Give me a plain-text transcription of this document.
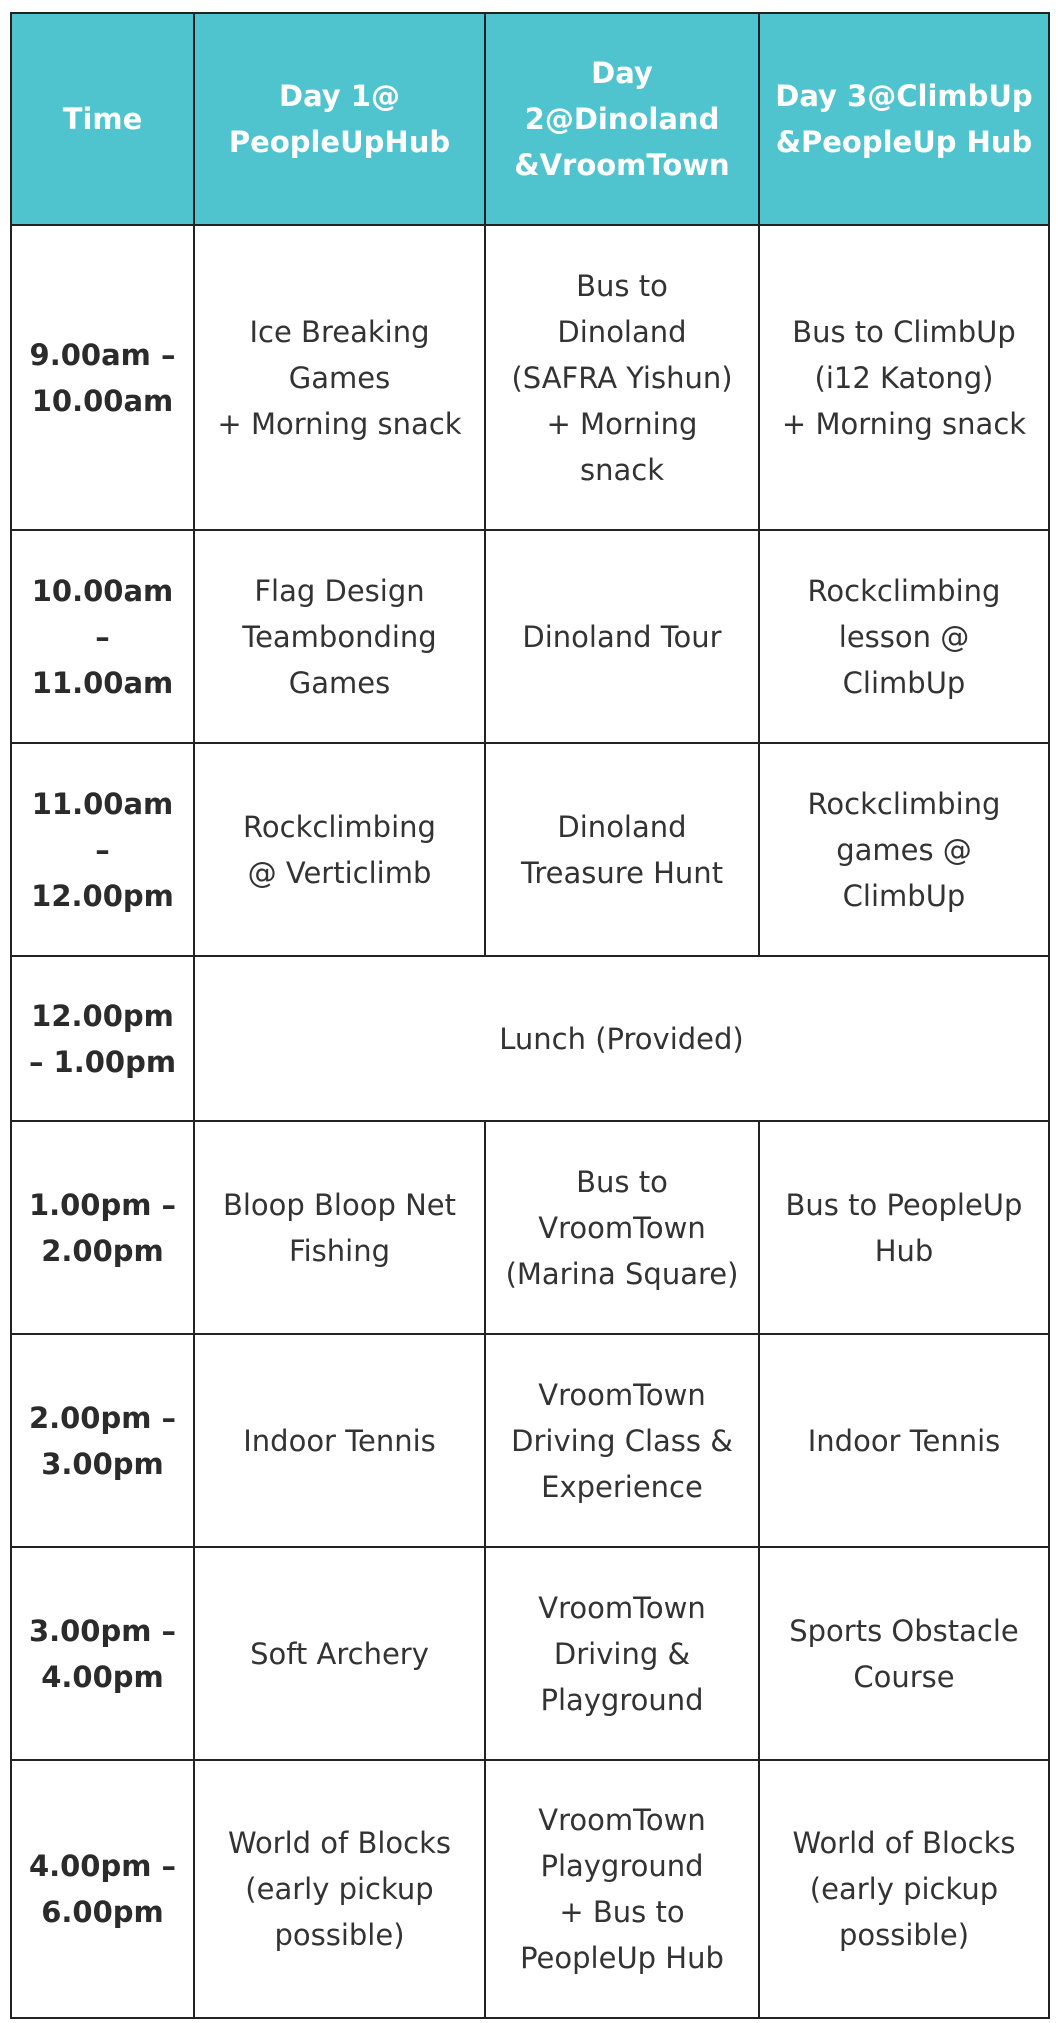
Time	Day 1@ PeopleUpHub	Day 2@Dinoland &VroomTown	Day 3@ClimbUp &PeopleUp Hub

9.00am –
10.00am	Ice Breaking
Games
+ Morning snack	Bus to
Dinoland
(SAFRA Yishun)
+ Morning
snack	Bus to ClimbUp
(i12 Katong)
+ Morning snack

10.00am
– 11.00am	Flag Design
Teambonding
Games	Dinoland Tour	Rockclimbing
lesson @
ClimbUp

11.00am –
12.00pm	Rockclimbing
@ Verticlimb	Dinoland
Treasure Hunt	Rockclimbing
games @
ClimbUp

12.00pm
– 1.00pm	Lunch (Provided)		

1.00pm –
2.00pm	Bloop Bloop Net
Fishing	Bus to
VroomTown
(Marina Square)	Bus to PeopleUp
Hub

2.00pm –
3.00pm	Indoor Tennis	VroomTown
Driving Class &
Experience	Indoor Tennis

3.00pm –
4.00pm	Soft Archery	VroomTown
Driving &
Playground	Sports Obstacle
Course

4.00pm –
6.00pm	World of Blocks
(early pickup
possible)	VroomTown
Playground
+ Bus to
PeopleUp Hub	World of Blocks
(early pickup
possible)
